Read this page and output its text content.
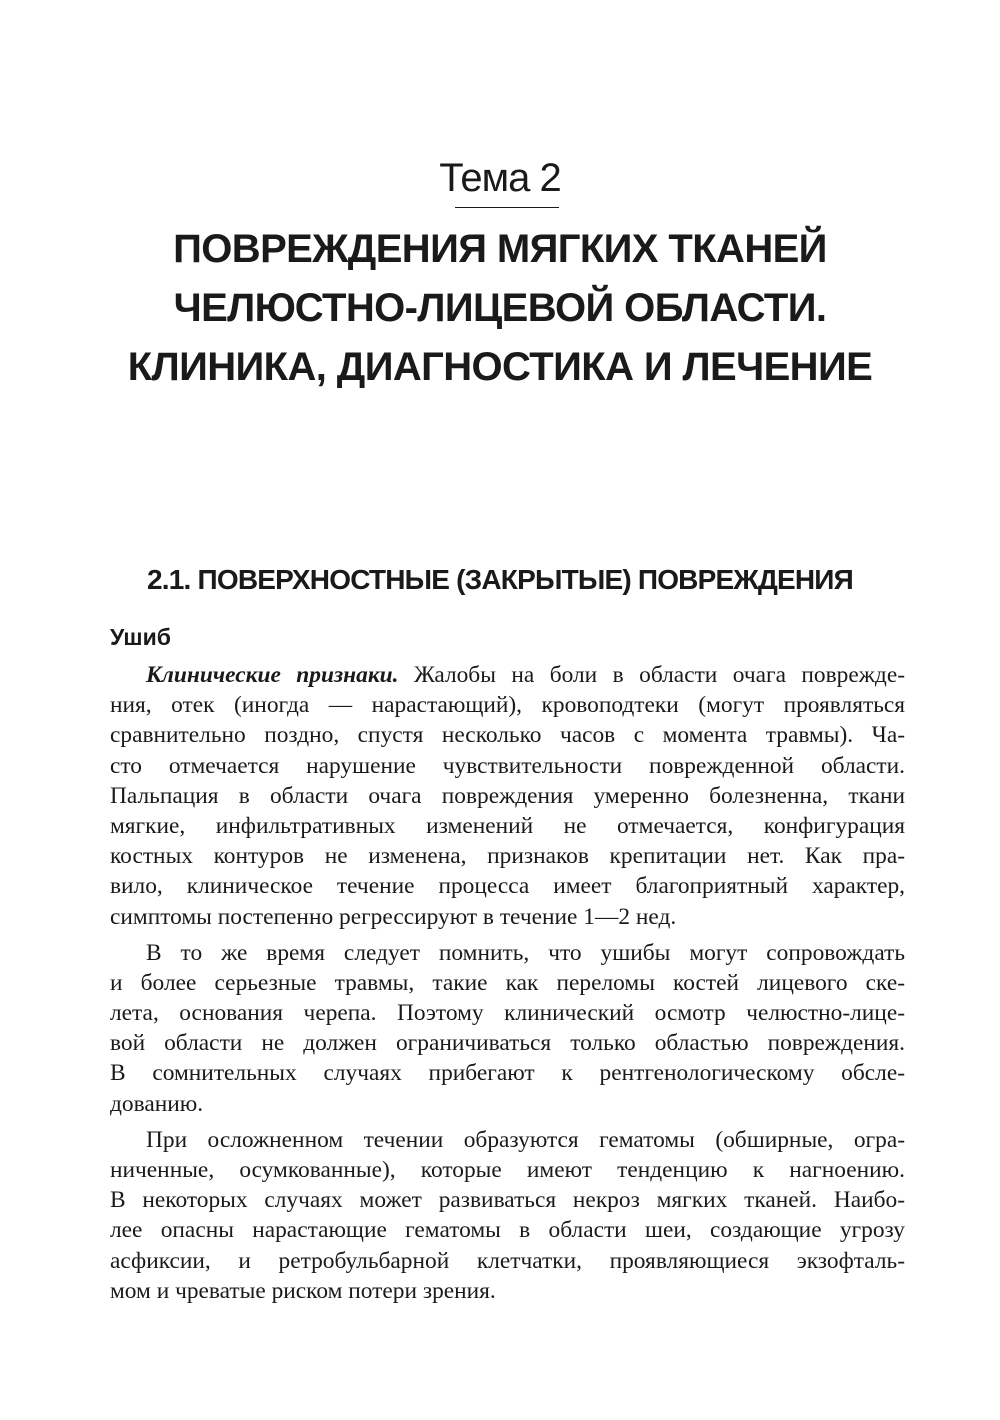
Тема 2
ПОВРЕЖДЕНИЯ МЯГКИХ ТКАНЕЙ
ЧЕЛЮСТНО-ЛИЦЕВОЙ ОБЛАСТИ.
КЛИНИКА, ДИАГНОСТИКА И ЛЕЧЕНИЕ
2.1. ПОВЕРХНОСТНЫЕ (ЗАКРЫТЫЕ) ПОВРЕЖДЕНИЯ
Ушиб
Клинические признаки. Жалобы на боли в области очага поврежде-
ния, отек (иногда — нарастающий), кровоподтеки (могут проявляться
сравнительно поздно, спустя несколько часов с момента травмы). Ча-
сто отмечается нарушение чувствительности поврежденной области.
Пальпация в области очага повреждения умеренно болезненна, ткани
мягкие, инфильтративных изменений не отмечается, конфигурация
костных контуров не изменена, признаков крепитации нет. Как пра-
вило, клиническое течение процесса имеет благоприятный характер,
симптомы постепенно регрессируют в течение 1—2 нед.
В то же время следует помнить, что ушибы могут сопровождать
и более серьезные травмы, такие как переломы костей лицевого ске-
лета, основания черепа. Поэтому клинический осмотр челюстно-лице-
вой области не должен ограничиваться только областью повреждения.
В сомнительных случаях прибегают к рентгенологическому обсле-
дованию.
При осложненном течении образуются гематомы (обширные, огра-
ниченные, осумкованные), которые имеют тенденцию к нагноению.
В некоторых случаях может развиваться некроз мягких тканей. Наибо-
лее опасны нарастающие гематомы в области шеи, создающие угрозу
асфиксии, и ретробульбарной клетчатки, проявляющиеся экзофталь-
мом и чреватые риском потери зрения.
